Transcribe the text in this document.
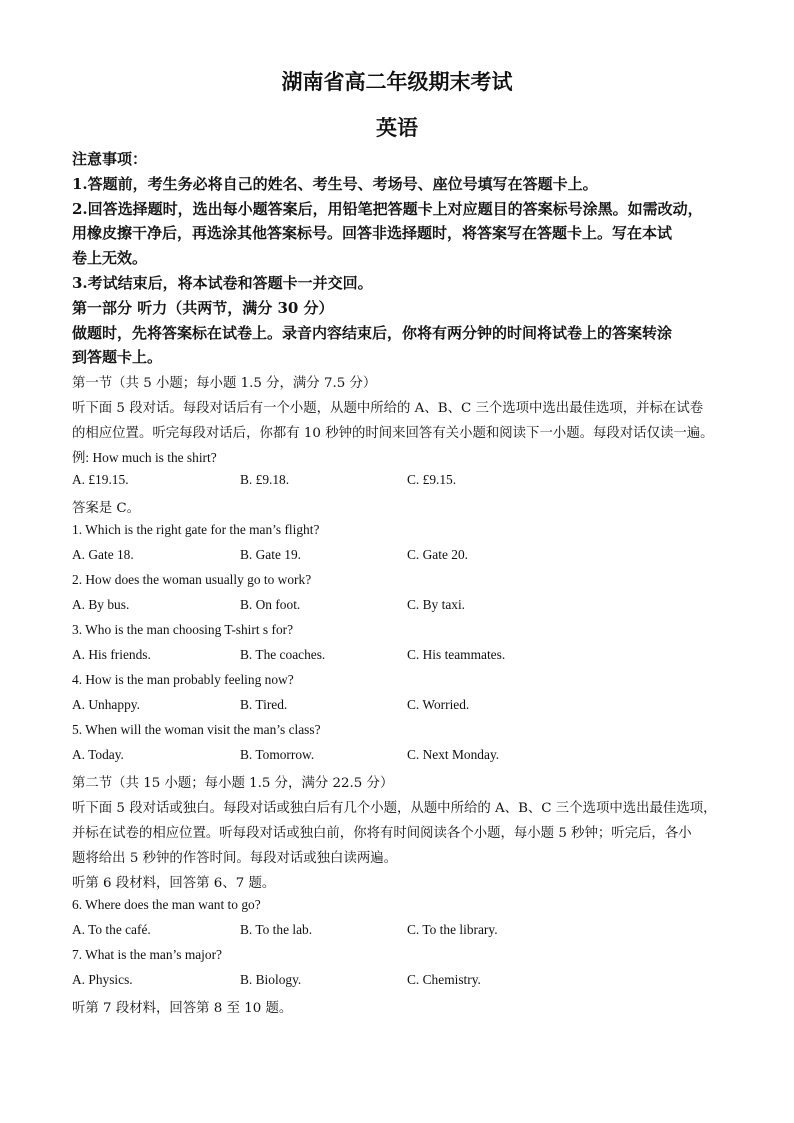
湖南省高二年级期末考试
英语
注意事项：
1.答题前，考生务必将自己的姓名、考生号、考场号、座位号填写在答题卡上。
2.回答选择题时，选出每小题答案后，用铅笔把答题卡上对应题目的答案标号涂黑。如需改动，
用橡皮擦干净后，再选涂其他答案标号。回答非选择题时，将答案写在答题卡上。写在本试
卷上无效。
3.考试结束后，将本试卷和答题卡一并交回。
第一部分 听力（共两节，满分 30 分）
做题时，先将答案标在试卷上。录音内容结束后，你将有两分钟的时间将试卷上的答案转涂
到答题卡上。
第一节（共 5 小题；每小题 1.5 分，满分 7.5 分）
听下面 5 段对话。每段对话后有一个小题，从题中所给的 A、B、C 三个选项中选出最佳选项，并标在试卷
的相应位置。听完每段对话后，你都有 10 秒钟的时间来回答有关小题和阅读下一小题。每段对话仅读一遍。
例: How much is the shirt?
A. £19.15.	B. £9.18.	C. £9.15.
答案是 C。
1. Which is the right gate for the man’s flight?
A. Gate 18.	B. Gate 19.	C. Gate 20.
2. How does the woman usually go to work?
A. By bus.	B. On foot.	C. By taxi.
3. Who is the man choosing T-shirt s for?
A. His friends.	B. The coaches.	C. His teammates.
4. How is the man probably feeling now?
A. Unhappy.	B. Tired.	C. Worried.
5. When will the woman visit the man’s class?
A. Today.	B. Tomorrow.	C. Next Monday.
第二节（共 15 小题；每小题 1.5 分，满分 22.5 分）
听下面 5 段对话或独白。每段对话或独白后有几个小题，从题中所给的 A、B、C 三个选项中选出最佳选项，
并标在试卷的相应位置。听每段对话或独白前，你将有时间阅读各个小题，每小题 5 秒钟；听完后，各小
题将给出 5 秒钟的作答时间。每段对话或独白读两遍。
听第 6 段材料，回答第 6、7 题。
6. Where does the man want to go?
A. To the café.	B. To the lab.	C. To the library.
7. What is the man’s major?
A. Physics.	B. Biology.	C. Chemistry.
听第 7 段材料，回答第 8 至 10 题。
